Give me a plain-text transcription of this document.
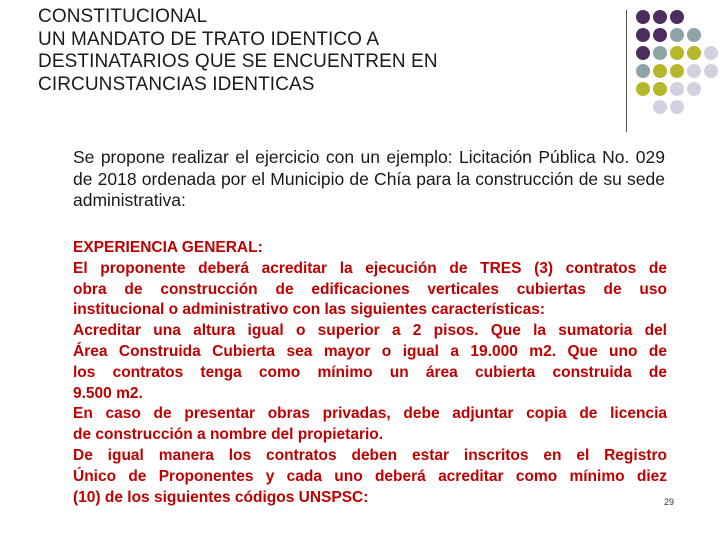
CONSTITUCIONAL
UN MANDATO DE TRATO IDENTICO A
DESTINATARIOS QUE SE ENCUENTREN EN
CIRCUNSTANCIAS IDENTICAS
Se propone realizar el ejercicio con un ejemplo: Licitación Pública No. 029 de 2018 ordenada por el Municipio de Chía para la construcción de su sede administrativa:
EXPERIENCIA GENERAL:
El proponente deberá acreditar la ejecución de TRES (3) contratos de
obra de construcción de edificaciones verticales cubiertas de uso
institucional o administrativo con las siguientes características:
Acreditar una altura igual o superior a 2 pisos. Que la sumatoria del
Área Construida Cubierta sea mayor o igual a 19.000 m2. Que uno de
los contratos tenga como mínimo un área cubierta construida de
9.500 m2.
En caso de presentar obras privadas, debe adjuntar copia de licencia
de construcción a nombre del propietario.
De igual manera los contratos deben estar inscritos en el Registro
Único de Proponentes y cada uno deberá acreditar como mínimo diez
(10) de los siguientes códigos UNSPSC:	29
